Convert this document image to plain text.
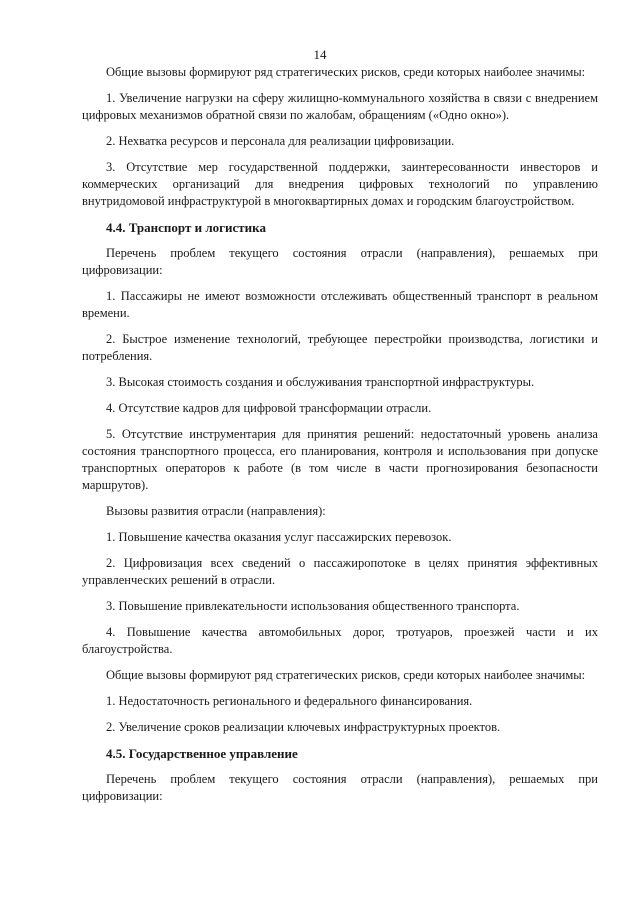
14
Общие вызовы формируют ряд стратегических рисков, среди которых наиболее значимы:
1. Увеличение нагрузки на сферу жилищно-коммунального хозяйства в связи с внедрением цифровых механизмов обратной связи по жалобам, обращениям («Одно окно»).
2. Нехватка ресурсов и персонала для реализации цифровизации.
3. Отсутствие мер государственной поддержки, заинтересованности инвесторов и коммерческих организаций для внедрения цифровых технологий по управлению внутридомовой инфраструктурой в многоквартирных домах и городским благоустройством.
4.4. Транспорт и логистика
Перечень проблем текущего состояния отрасли (направления), решаемых при цифровизации:
1. Пассажиры не имеют возможности отслеживать общественный транспорт в реальном времени.
2. Быстрое изменение технологий, требующее перестройки производства, логистики и потребления.
3. Высокая стоимость создания и обслуживания транспортной инфраструктуры.
4. Отсутствие кадров для цифровой трансформации отрасли.
5. Отсутствие инструментария для принятия решений: недостаточный уровень анализа состояния транспортного процесса, его планирования, контроля и использования при допуске транспортных операторов к работе (в том числе в части прогнозирования безопасности маршрутов).
Вызовы развития отрасли (направления):
1. Повышение качества оказания услуг пассажирских перевозок.
2. Цифровизация всех сведений о пассажиропотоке в целях принятия эффективных управленческих решений в отрасли.
3. Повышение привлекательности использования общественного транспорта.
4. Повышение качества автомобильных дорог, тротуаров, проезжей части и их благоустройства.
Общие вызовы формируют ряд стратегических рисков, среди которых наиболее значимы:
1. Недостаточность регионального и федерального финансирования.
2. Увеличение сроков реализации ключевых инфраструктурных проектов.
4.5. Государственное управление
Перечень проблем текущего состояния отрасли (направления), решаемых при цифровизации:
